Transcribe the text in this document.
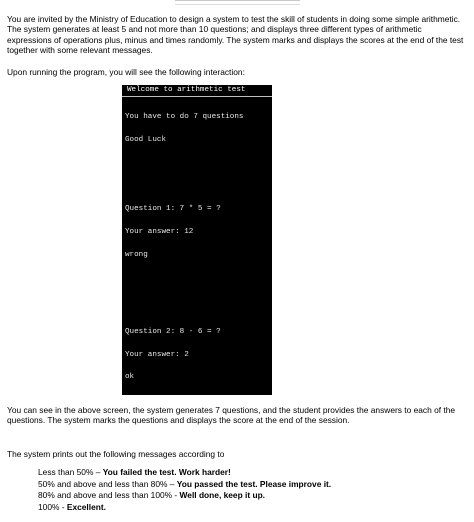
You are invited by the Ministry of Education to design a system to test the skill of students in doing some simple arithmetic. The system generates at least 5 and not more than 10 questions; and displays three different types of arithmetic expressions of operations plus, minus and times randomly. The system marks and displays the scores at the end of the test together with some relevant messages.

Upon running the program, you will see the following interaction:

Welcome to arithmetic test

You have to do 7 questions

Good Luck

Question 1: 7 * 5 = ?

Your answer: 12

wrong

Question 2: 8 - 6 = ?

Your answer: 2

ok

You can see in the above screen, the system generates 7 questions, and the student provides the answers to each of the questions. The system marks the questions and displays the score at the end of the session.

The system prints out the following messages according to

Less than 50% – You failed the test. Work harder!
50% and above and less than 80% – You passed the test. Please improve it.
80% and above and less than 100% - Well done, keep it up.
100% - Excellent.
